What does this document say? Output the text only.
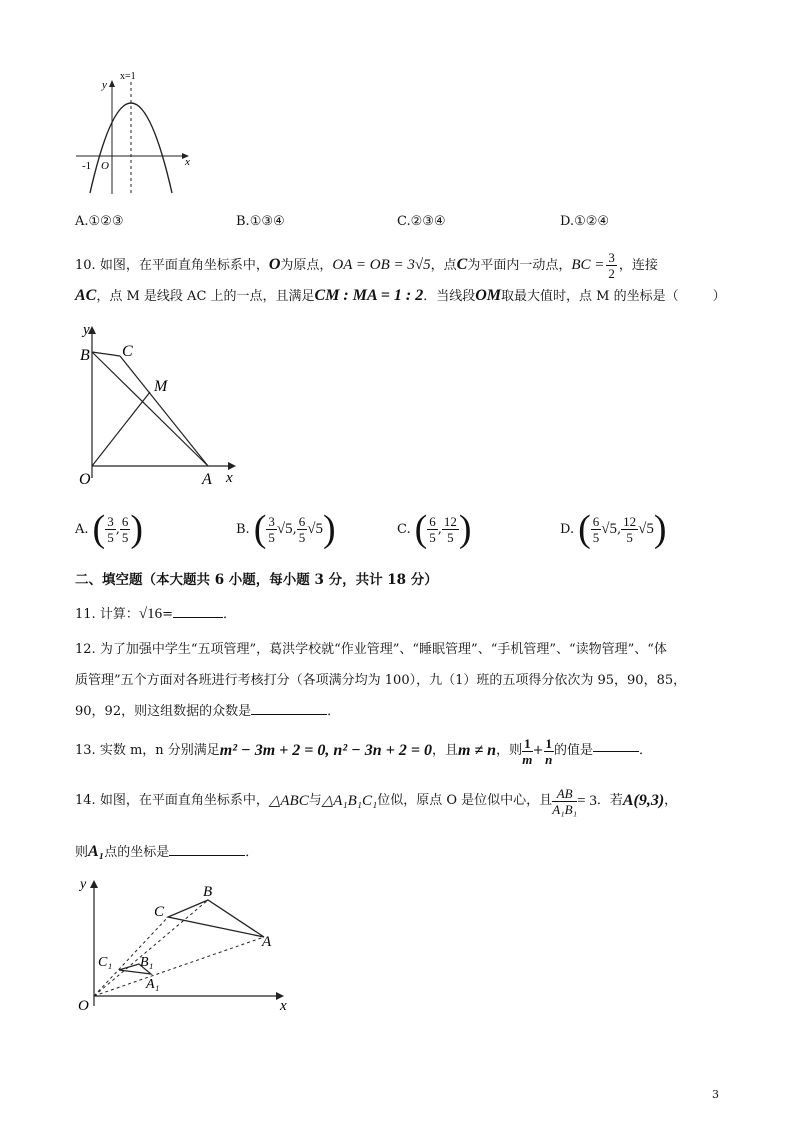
y
x=1
x
-1 O
A.①②③	B.①③④	C.②③④	D.①②④
10. 如图，在平面直角坐标系中，O为原点，OA = OB = 3√5，点C为平面内一动点，BC = $\frac{3}{2}$ ，连接
AC，点 M 是线段 AC 上的一点，且满足CM : MA = 1 : 2．当线段OM取最大值时，点 M 的坐标是（	）
B C
M
O	A x
y
A. ( $\frac{3}{5}$ , $\frac{6}{5}$ )	B. ( $\frac{3}{5} √5$ , $\frac{6}{5} √5$ )	C. ( $\frac{6}{5}$ , $\frac{12}{5}$ )	D. ( $\frac{6}{5} √5$ , $\frac{12}{5} √5$ )
二、填空题（本大题共 6 小题，每小题 3 分，共计 18 分）
11. 计算：√16=	．
12. 为了加强中学生“五项管理”，葛洪学校就“作业管理”、“睡眠管理”、“手机管理”、“读物管理”、“体
质管理”五个方面对各班进行考核打分（各项满分均为 100），九（1）班的五项得分依次为 95，90，85，
90，92，则这组数据的众数是	．
13.
实数 m，n 分别满足 m² − 3m + 2 = 0, n² − 3n + 2 = 0 ，且 m ≠ n ，则 $\frac{1}{m} + \frac{1}{n}$ 的值是	．
14.
如图，在平面直角坐标系中， △ABC 与 △A₁B₁C₁ 位似，原点 O 是位似中心，且 $\frac{AB}{\text{A₁B₁}} = 3$ ．若 A(9,3) ，
则A₁点的坐标是	．
B
C
A
C₁ B₁
A₁
O	x
y
3
